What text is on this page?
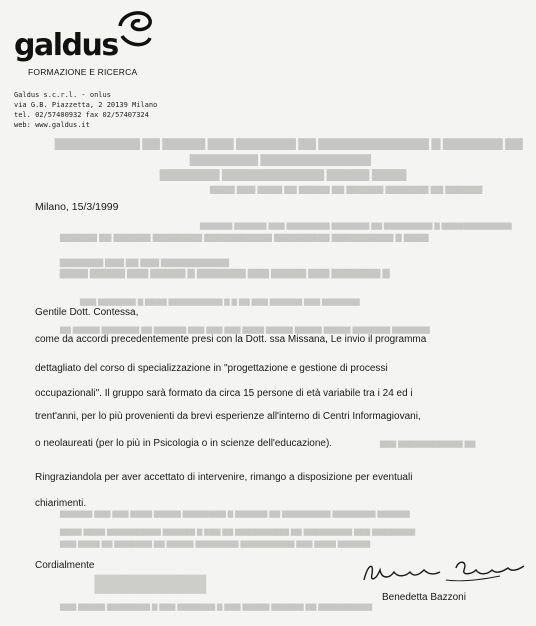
▇▇▇▇▇▇▇▇▇▇ ▇▇ ▇▇▇▇▇ ▇▇▇ ▇▇▇▇▇▇▇ ▇▇ ▇▇▇▇▇▇▇▇▇▇▇▇▇ ▇ ▇▇▇▇▇▇▇ ▇▇
▇▇▇▇▇▇▇▇ ▇▇▇▇▇▇▇▇▇▇▇▇▇
▇▇▇▇▇▇▇ ▇▇▇▇▇▇▇▇▇▇▇▇ ▇▇▇▇▇ ▇▇▇▇
▇▇▇▇ ▇▇▇ ▇▇▇▇ ▇▇ ▇▇▇▇▇ ▇▇ ▇▇▇▇▇▇ ▇▇▇▇▇▇▇ ▇▇ ▇▇▇▇▇▇
▇▇▇▇▇▇ ▇▇▇▇▇▇ ▇▇▇ ▇▇▇▇▇▇▇▇ ▇▇▇▇▇▇▇ ▇▇ ▇▇▇▇▇▇▇▇▇ ▇ ▇▇▇▇▇▇▇▇▇▇▇▇▇
▇▇▇▇▇▇ ▇▇ ▇▇▇▇▇▇ ▇▇▇▇▇▇▇▇ ▇▇▇▇▇▇▇▇▇▇▇ ▇▇▇▇▇▇▇▇▇ ▇▇▇▇▇▇▇▇▇▇ ▇ ▇▇▇▇
▇▇▇▇▇▇▇ ▇▇▇ ▇▇ ▇▇▇ ▇▇▇▇▇▇▇▇▇▇▇
▇▇▇▇ ▇▇▇▇▇ ▇▇▇ ▇▇▇▇▇ ▇ ▇▇▇▇▇▇▇ ▇▇▇ ▇▇▇▇▇ ▇▇▇ ▇▇▇▇▇▇▇ ▇
▇▇▇ ▇▇▇▇▇▇▇ ▇ ▇▇▇▇ ▇▇▇▇▇▇▇▇▇▇ ▇ ▇ ▇▇ ▇▇▇ ▇▇▇▇▇▇ ▇▇▇ ▇▇▇▇▇▇▇
▇▇ ▇▇▇▇▇ ▇▇▇▇▇▇▇ ▇▇ ▇▇▇▇▇▇ ▇▇▇ ▇▇▇ ▇▇▇ ▇▇▇▇ ▇▇▇▇▇ ▇▇▇▇▇ ▇▇▇▇▇ ▇▇▇▇▇▇▇ ▇▇▇▇▇▇▇
▇▇▇ ▇▇▇▇▇▇▇▇▇▇▇▇ ▇▇
▇▇▇▇▇▇ ▇▇▇ ▇▇▇ ▇▇▇▇ ▇▇▇▇▇ ▇▇▇▇▇▇▇▇ ▇ ▇▇▇▇▇▇ ▇▇ ▇▇▇▇▇▇▇▇▇ ▇▇▇▇▇▇▇▇ ▇▇▇▇▇▇
▇▇▇▇ ▇▇▇▇ ▇▇▇▇▇▇▇▇▇▇ ▇▇▇▇▇▇ ▇ ▇▇▇ ▇▇ ▇▇▇▇▇▇▇▇▇▇ ▇▇ ▇▇▇▇▇▇▇▇▇ ▇▇▇ ▇▇▇▇▇▇▇▇
▇▇▇ ▇▇▇▇ ▇▇ ▇▇▇▇▇▇▇ ▇▇ ▇▇▇▇▇ ▇▇▇▇▇▇▇▇ ▇▇▇▇▇▇▇▇▇▇ ▇▇▇ ▇▇▇▇ ▇▇▇▇▇▇
▇▇▇▇▇▇▇▇
▇▇▇ ▇▇▇▇▇ ▇▇▇▇▇▇▇▇ ▇ ▇▇▇ ▇▇▇▇▇▇▇ ▇ ▇▇▇ ▇▇▇▇▇ ▇▇▇▇▇▇ ▇▇ ▇▇▇▇▇▇▇▇▇▇
galdus
FORMAZIONE E RICERCA
Galdus s.c.r.l. - onlus
via G.B. Piazzetta, 2 20139 Milano
tel. 02/57400932 fax 02/57407324
web: www.galdus.it
Milano, 15/3/1999
Gentile Dott. Contessa,
come da accordi precedentemente presi con la Dott. ssa Missana, Le invio il programma
dettagliato del corso di specializzazione in "progettazione e gestione di processi
occupazionali". Il gruppo sarà formato da circa 15 persone di età variabile tra i 24 ed i
trent'anni, per lo più provenienti da brevi esperienze all'interno di Centri Informagiovani,
o neolaureati (per lo più in Psicologia o in scienze dell'educazione).
Ringraziandola per aver accettato di intervenire, rimango a disposizione per eventuali
chiarimenti.
Cordialmente
Benedetta Bazzoni
